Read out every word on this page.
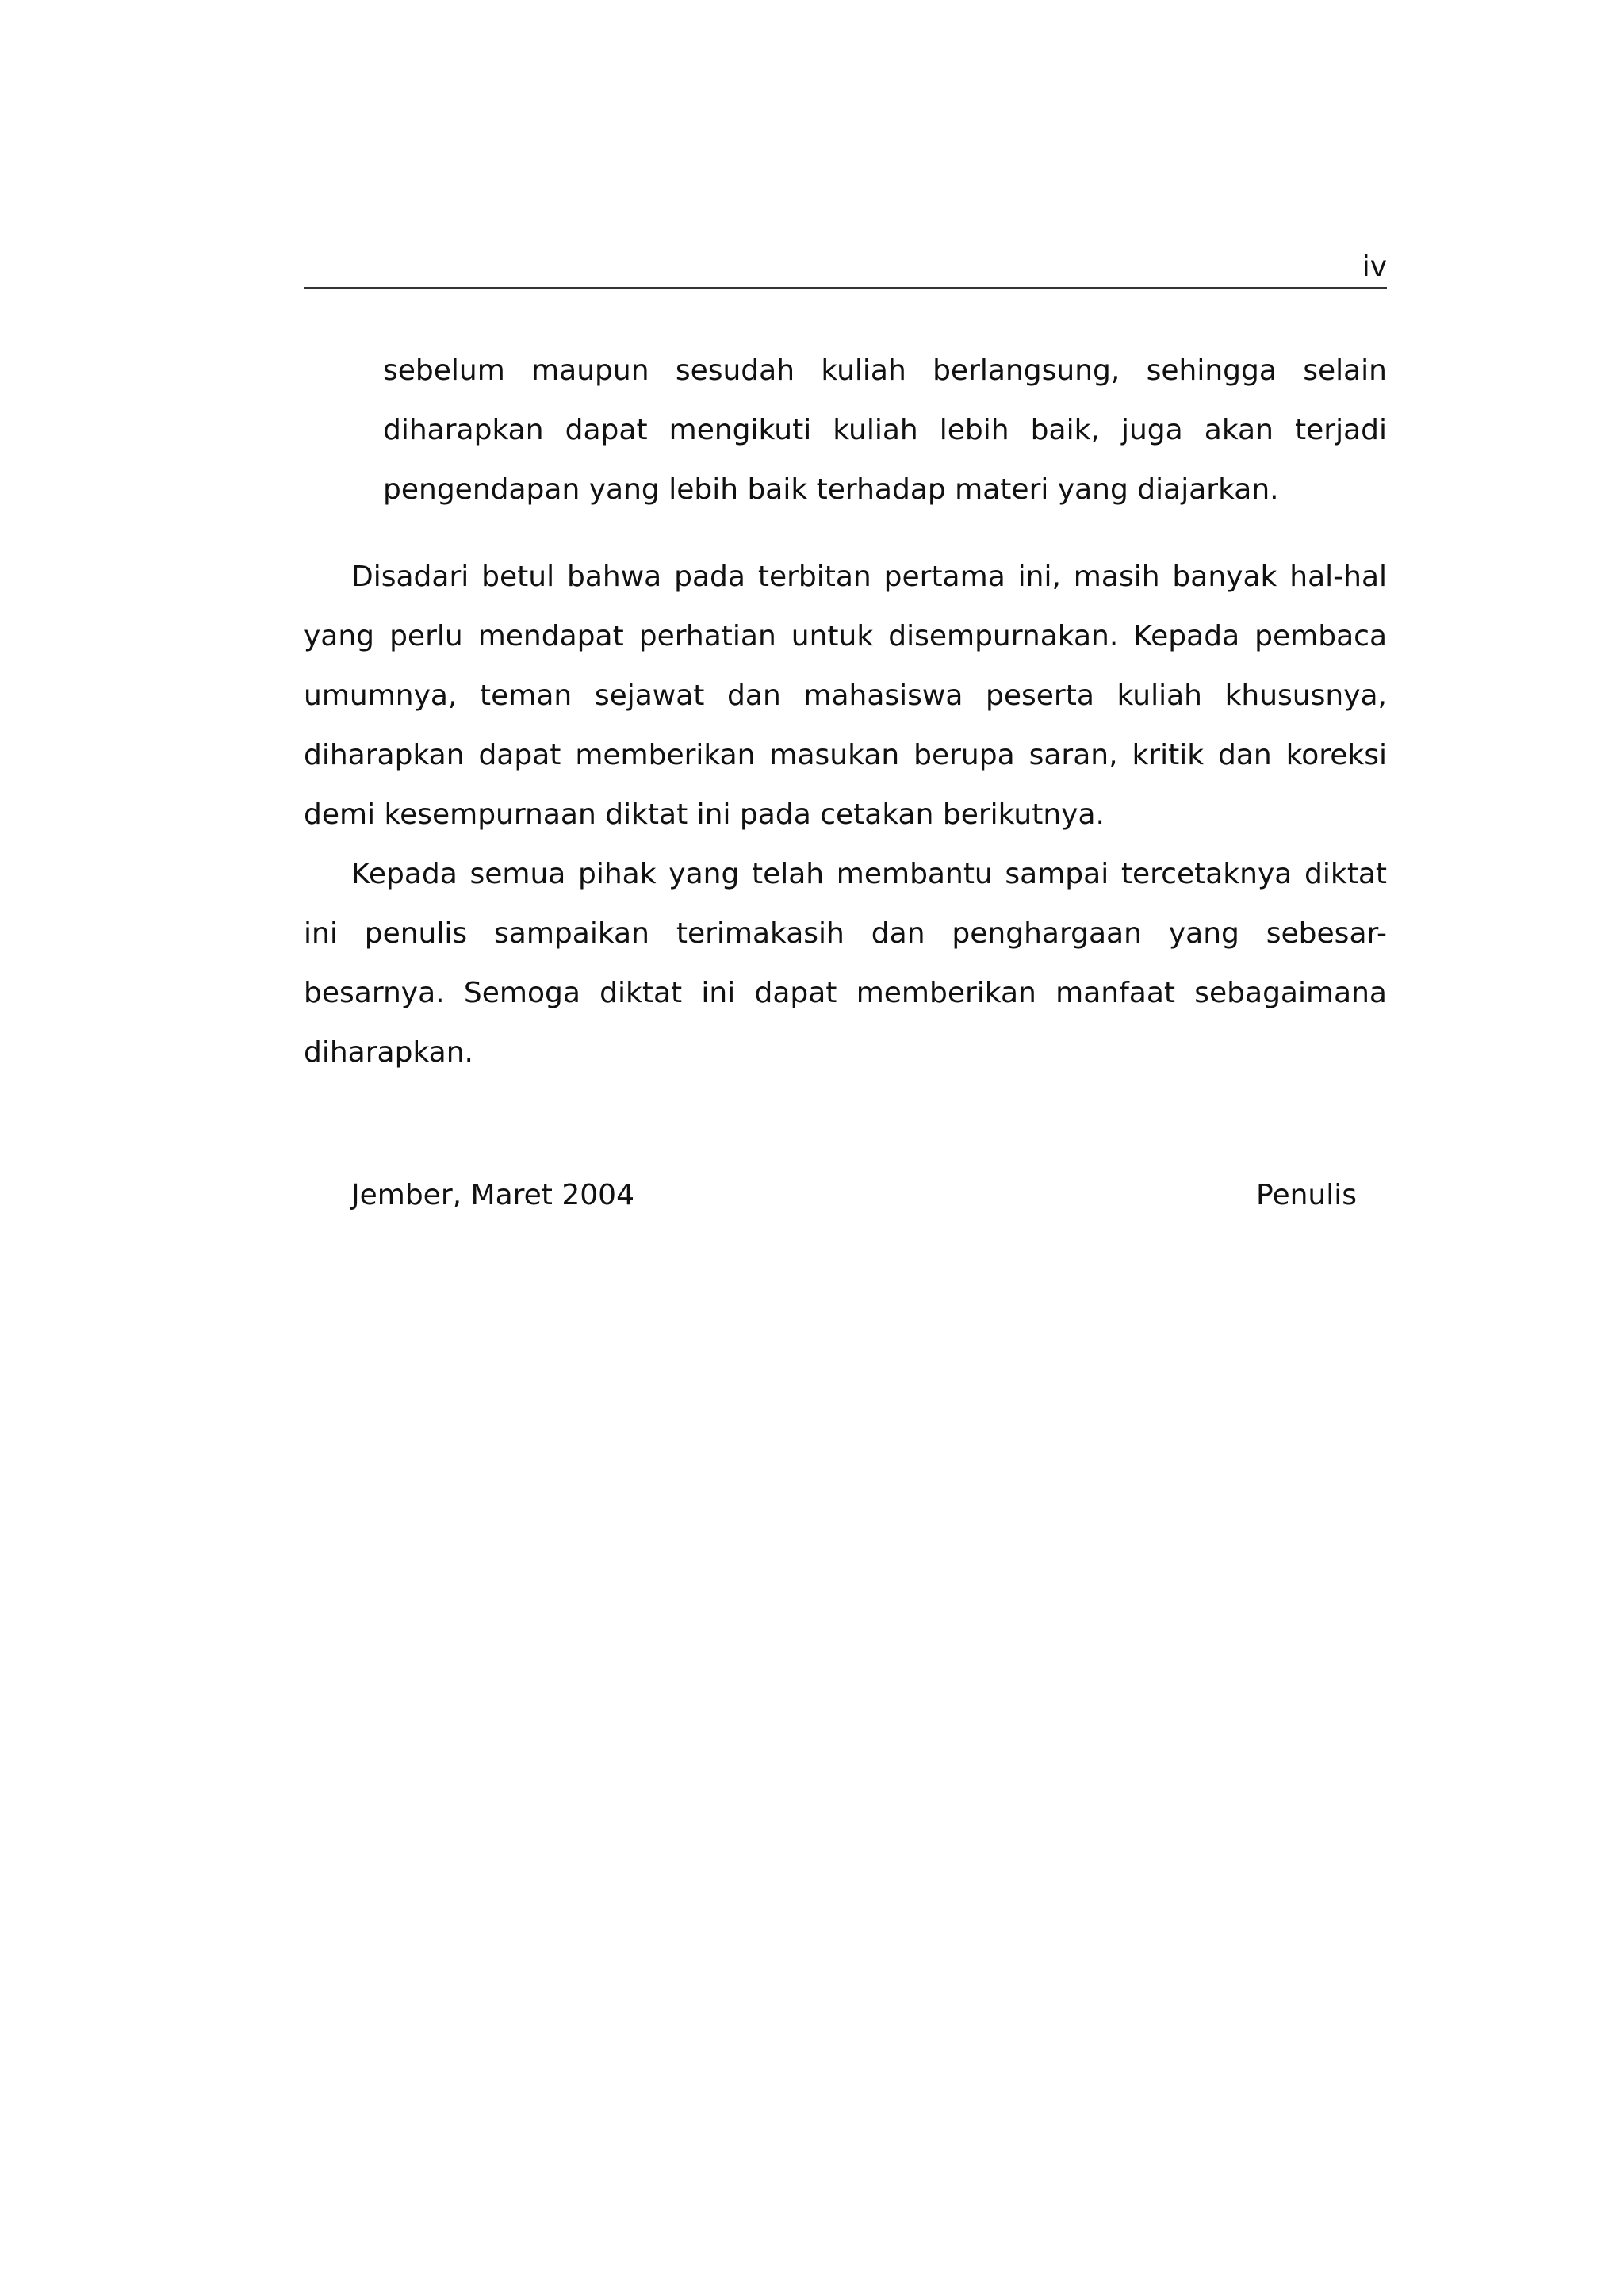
iv

sebelum maupun sesudah kuliah berlangsung, sehingga selain diharapkan dapat mengikuti kuliah lebih baik, juga akan terjadi pengendapan yang lebih baik terhadap materi yang diajarkan.

Disadari betul bahwa pada terbitan pertama ini, masih banyak hal-hal yang perlu mendapat perhatian untuk disempurnakan. Kepada pembaca umumnya, teman sejawat dan mahasiswa peserta kuliah khususnya, diharapkan dapat memberikan masukan berupa saran, kritik dan koreksi demi kesempurnaan diktat ini pada cetakan berikutnya.

Kepada semua pihak yang telah membantu sampai tercetaknya diktat ini penulis sampaikan terimakasih dan penghargaan yang sebesar- besarnya. Semoga diktat ini dapat memberikan manfaat sebagaimana diharapkan.

Jember, Maret 2004	Penulis
